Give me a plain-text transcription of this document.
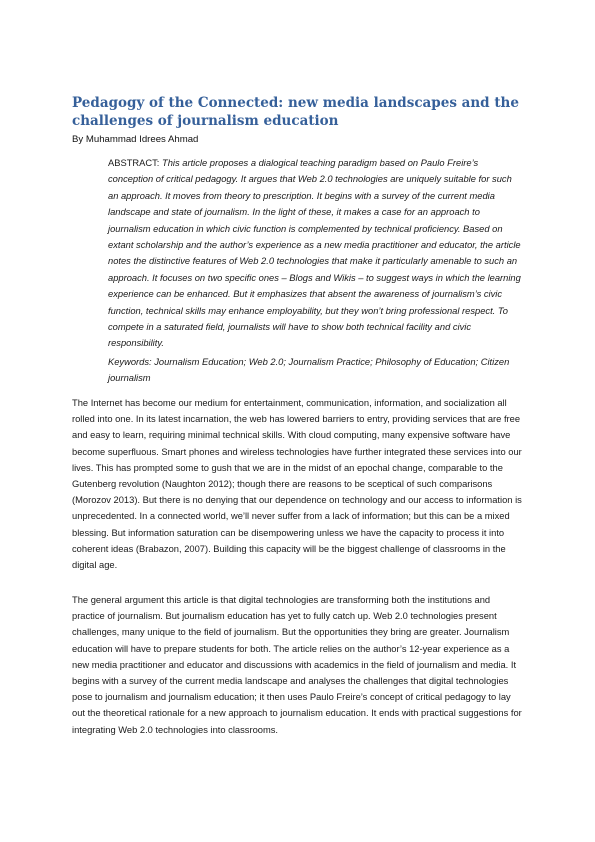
Pedagogy of the Connected: new media landscapes and the challenges of journalism education
By Muhammad Idrees Ahmad

ABSTRACT: This article proposes a dialogical teaching paradigm based on Paulo Freire’s conception of critical pedagogy. It argues that Web 2.0 technologies are uniquely suitable for such an approach. It moves from theory to prescription. It begins with a survey of the current media landscape and state of journalism. In the light of these, it makes a case for an approach to journalism education in which civic function is complemented by technical proficiency. Based on extant scholarship and the author’s experience as a new media practitioner and educator, the article notes the distinctive features of Web 2.0 technologies that make it particularly amenable to such an approach. It focuses on two specific ones – Blogs and Wikis – to suggest ways in which the learning experience can be enhanced. But it emphasizes that absent the awareness of journalism’s civic function, technical skills may enhance employability, but they won’t bring professional respect. To compete in a saturated field, journalists will have to show both technical facility and civic responsibility.

Keywords: Journalism Education; Web 2.0; Journalism Practice; Philosophy of Education; Citizen journalism

The Internet has become our medium for entertainment, communication, information, and socialization all rolled into one. In its latest incarnation, the web has lowered barriers to entry, providing services that are free and easy to learn, requiring minimal technical skills. With cloud computing, many expensive software have become superfluous. Smart phones and wireless technologies have further integrated these services into our lives. This has prompted some to gush that we are in the midst of an epochal change, comparable to the Gutenberg revolution (Naughton 2012); though there are reasons to be sceptical of such comparisons (Morozov 2013). But there is no denying that our dependence on technology and our access to information is unprecedented. In a connected world, we’ll never suffer from a lack of information; but this can be a mixed blessing. But information saturation can be disempowering unless we have the capacity to process it into coherent ideas (Brabazon, 2007). Building this capacity will be the biggest challenge of classrooms in the digital age.

The general argument this article is that digital technologies are transforming both the institutions and practice of journalism. But journalism education has yet to fully catch up. Web 2.0 technologies present challenges, many unique to the field of journalism. But the opportunities they bring are greater. Journalism education will have to prepare students for both. The article relies on the author’s 12-year experience as a new media practitioner and educator and discussions with academics in the field of journalism and media. It begins with a survey of the current media landscape and analyses the challenges that digital technologies pose to journalism and journalism education; it then uses Paulo Freire’s concept of critical pedagogy to lay out the theoretical rationale for a new approach to journalism education. It ends with practical suggestions for integrating Web 2.0 technologies into classrooms.
